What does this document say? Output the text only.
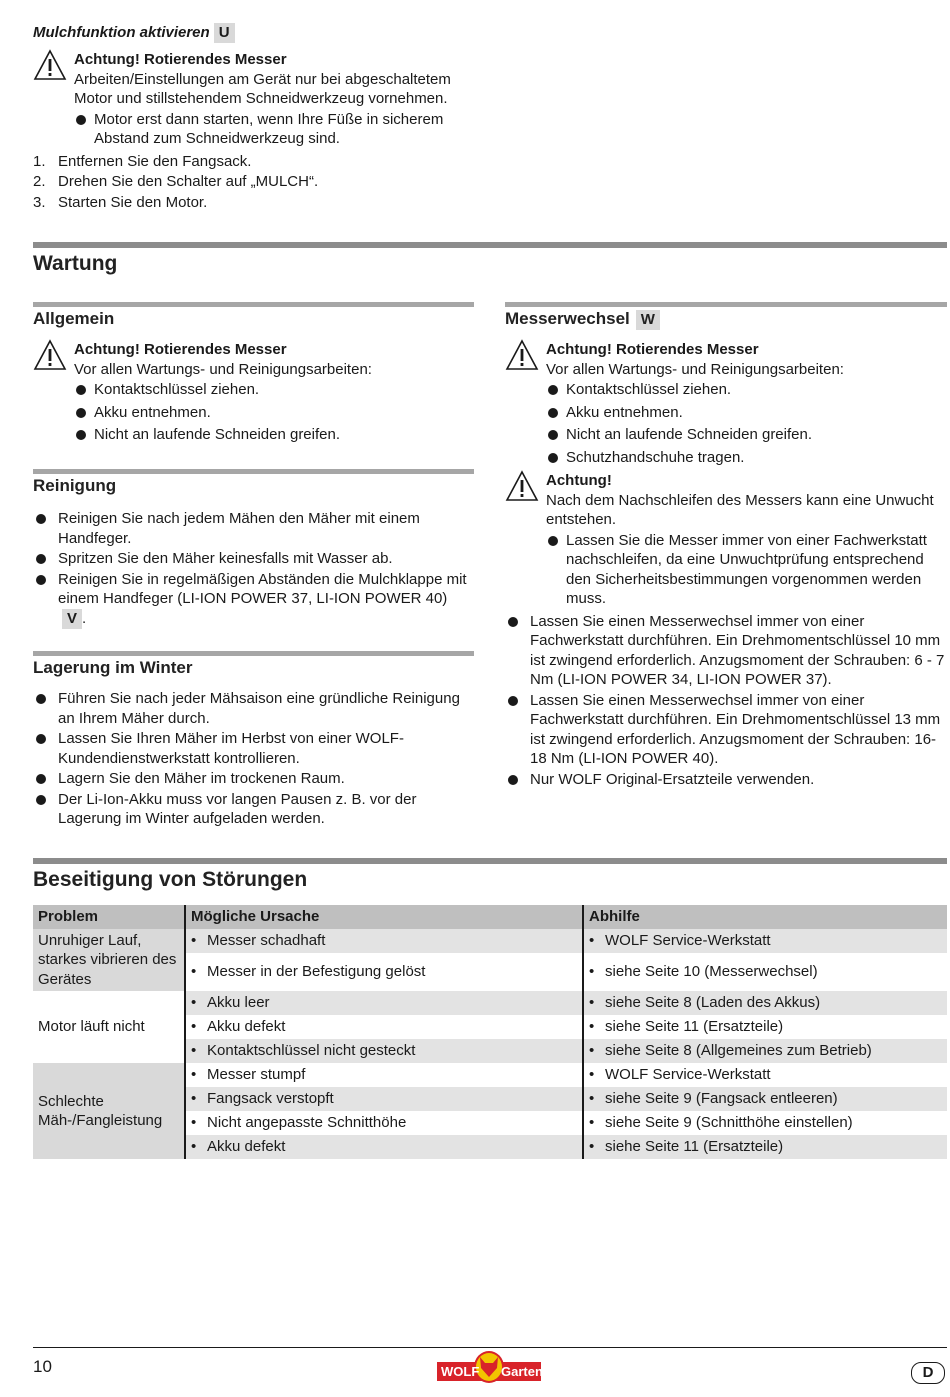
Mulchfunktion aktivieren U
Achtung! Rotierendes Messer
Arbeiten/Einstellungen am Gerät nur bei abgeschaltetem Motor und stillstehendem Schneidwerkzeug vornehmen.
Motor erst dann starten, wenn Ihre Füße in sicherem Abstand zum Schneidwerkzeug sind.
1. Entfernen Sie den Fangsack.
2. Drehen Sie den Schalter auf „MULCH“.
3. Starten Sie den Motor.
Wartung
Allgemein
Achtung! Rotierendes Messer
Vor allen Wartungs- und Reinigungsarbeiten:
Kontaktschlüssel ziehen.
Akku entnehmen.
Nicht an laufende Schneiden greifen.
Reinigung
Reinigen Sie nach jedem Mähen den Mäher mit einem Handfeger.
Spritzen Sie den Mäher keinesfalls mit Wasser ab.
Reinigen Sie in regelmäßigen Abständen die Mulchklappe mit einem Handfeger (LI-ION POWER 37, LI-ION POWER 40) V .
Lagerung im Winter
Führen Sie nach jeder Mähsaison eine gründliche Reinigung an Ihrem Mäher durch.
Lassen Sie Ihren Mäher im Herbst von einer WOLF-Kundendienstwerkstatt kontrollieren.
Lagern Sie den Mäher im trockenen Raum.
Der Li-Ion-Akku muss vor langen Pausen z. B. vor der Lagerung im Winter aufgeladen werden.
Messerwechsel W
Achtung! Rotierendes Messer
Vor allen Wartungs- und Reinigungsarbeiten:
Kontaktschlüssel ziehen.
Akku entnehmen.
Nicht an laufende Schneiden greifen.
Schutzhandschuhe tragen.
Achtung!
Nach dem Nachschleifen des Messers kann eine Unwucht entstehen.
Lassen Sie die Messer immer von einer Fachwerkstatt nachschleifen, da eine Unwuchtprüfung entsprechend den Sicherheitsbestimmungen vorgenommen werden muss.
Lassen Sie einen Messerwechsel immer von einer Fachwerkstatt durchführen. Ein Drehmomentschlüssel 10 mm ist zwingend erforderlich. Anzugsmoment der Schrauben: 6 - 7 Nm (LI-ION POWER 34, LI-ION POWER 37).
Lassen Sie einen Messerwechsel immer von einer Fachwerkstatt durchführen. Ein Drehmomentschlüssel 13 mm ist zwingend erforderlich. Anzugsmoment der Schrauben: 16-18 Nm (LI-ION POWER 40).
Nur WOLF Original-Ersatzteile verwenden.
Beseitigung von Störungen
Problem	Mögliche Ursache	Abhilfe
Unruhiger Lauf, starkes vibrieren des Gerätes	• Messer schadhaft	• WOLF Service-Werkstatt
	• Messer in der Befestigung gelöst	• siehe Seite 10 (Messerwechsel)
Motor läuft nicht	• Akku leer	• siehe Seite 8 (Laden des Akkus)
	• Akku defekt	• siehe Seite 11 (Ersatzteile)
	• Kontaktschlüssel nicht gesteckt	• siehe Seite 8 (Allgemeines zum Betrieb)
Schlechte Mäh-/Fangleistung	• Messer stumpf	• WOLF Service-Werkstatt
	• Fangsack verstopft	• siehe Seite 9 (Fangsack entleeren)
	• Nicht angepasste Schnitthöhe	• siehe Seite 9 (Schnitthöhe einstellen)
	• Akku defekt	• siehe Seite 11 (Ersatzteile)
10	WOLF Garten	D
